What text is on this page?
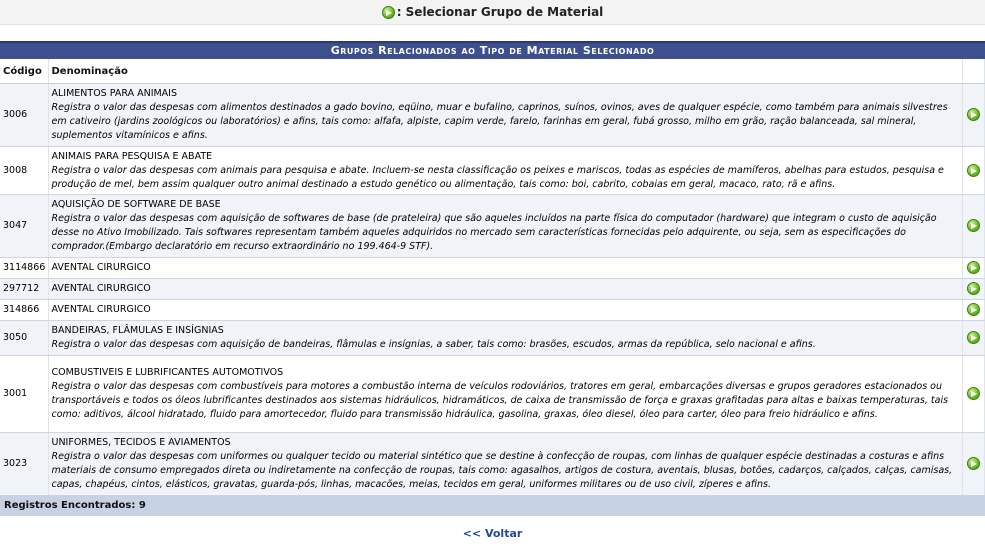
: Selecionar Grupo de Material
Grupos Relacionados ao Tipo de Material Selecionado
Código	Denominação	
3006	ALIMENTOS PARA ANIMAIS
Registra o valor das despesas com alimentos destinados a gado bovino, eqüino, muar e bufalino, caprinos, suínos, ovinos, aves de qualquer espécie, como também para animais silvestres em cativeiro (jardins zoológicos ou laboratórios) e afins, tais como: alfafa, alpiste, capim verde, farelo, farinhas em geral, fubá grosso, milho em grão, ração balanceada, sal mineral, suplementos vitamínicos e afins.	

3008	ANIMAIS PARA PESQUISA E ABATE
Registra o valor das despesas com animais para pesquisa e abate. Incluem-se nesta classificação os peixes e mariscos, todas as espécies de mamíferos, abelhas para estudos, pesquisa e produção de mel, bem assim qualquer outro animal destinado a estudo genético ou alimentação, tais como: boi, cabrito, cobaias em geral, macaco, rato, rã e afins.	

3047	AQUISIÇÃO DE SOFTWARE DE BASE
Registra o valor das despesas com aquisição de softwares de base (de prateleira) que são aqueles incluídos na parte física do computador (hardware) que integram o custo de aquisição desse no Ativo Imobilizado. Tais softwares representam também aqueles adquiridos no mercado sem características fornecidas pelo adquirente, ou seja, sem as especificações do comprador.(Embargo declaratório em recurso extraordinário no 199.464-9 STF).	

3114866	AVENTAL CIRURGICO	

297712	AVENTAL CIRURGICO	

314866	AVENTAL CIRURGICO	

3050	BANDEIRAS, FLÂMULAS E INSÍGNIAS
Registra o valor das despesas com aquisição de bandeiras, flâmulas e insígnias, a saber, tais como: brasões, escudos, armas da república, selo nacional e afins.	

3001	COMBUSTIVEIS E LUBRIFICANTES AUTOMOTIVOS
Registra o valor das despesas com combustíveis para motores a combustão interna de veículos rodoviários, tratores em geral, embarcações diversas e grupos geradores estacionados ou transportáveis e todos os óleos lubrificantes destinados aos sistemas hidráulicos, hidramáticos, de caixa de transmissão de força e graxas grafitadas para altas e baixas temperaturas, tais como: aditivos, álcool hidratado, fluido para amortecedor, fluido para transmissão hidráulica, gasolina, graxas, óleo diesel, óleo para carter, óleo para freio hidráulico e afins.	

3023	UNIFORMES, TECIDOS E AVIAMENTOS
Registra o valor das despesas com uniformes ou qualquer tecido ou material sintético que se destine à confecção de roupas, com linhas de qualquer espécie destinadas a costuras e afins materiais de consumo empregados direta ou indiretamente na confecção de roupas, tais como: agasalhos, artigos de costura, aventais, blusas, botões, cadarços, calçados, calças, camisas, capas, chapéus, cintos, elásticos, gravatas, guarda-pós, linhas, macacões, meias, tecidos em geral, uniformes militares ou de uso civil, zíperes e afins.	

Registros Encontrados: 9
<< Voltar
